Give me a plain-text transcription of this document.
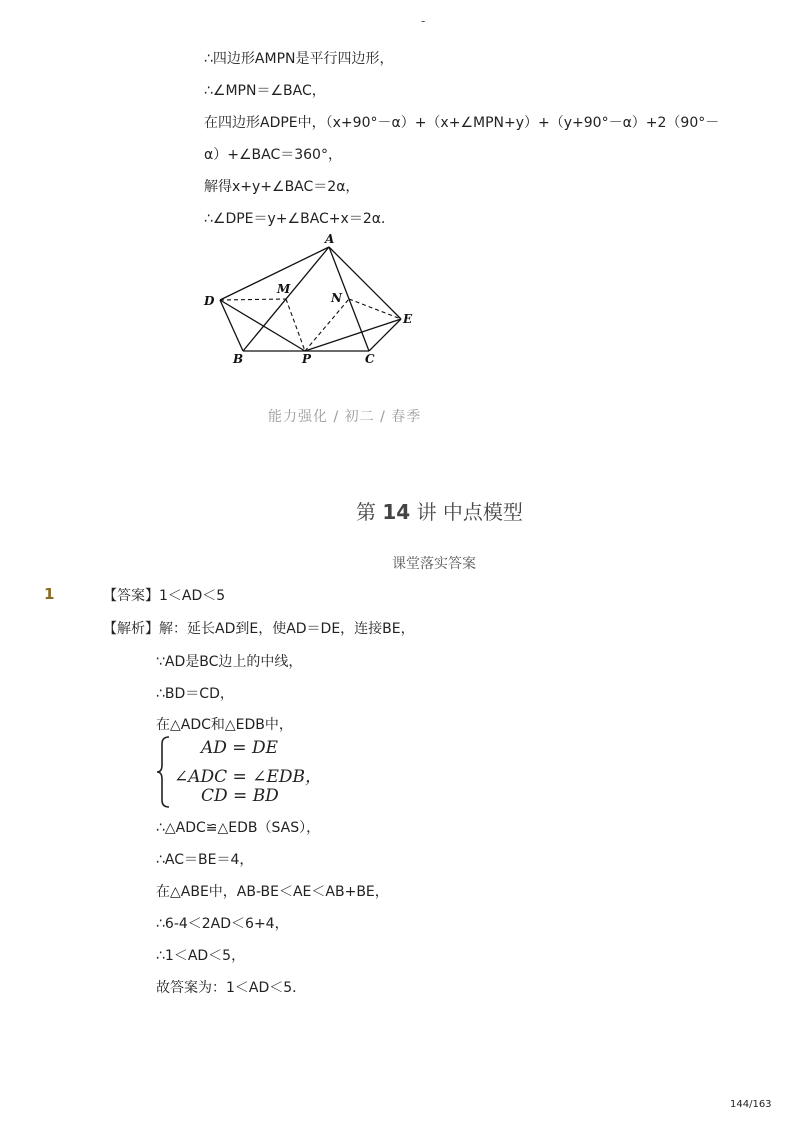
-
∴四边形AMPN是平行四边形，
∴∠MPN＝∠BAC，
在四边形ADPE中，（x+90°－α）+（x+∠MPN+y）+（y+90°－α）+2（90°－
α）+∠BAC＝360°，
解得x+y+∠BAC＝2α，
∴∠DPE＝y+∠BAC+x＝2α．
A
M
N
D
E
B	P	C
能力强化 / 初二 / 春季
第 14 讲 中点模型
课堂落实答案
1	【答案】1＜AD＜5
【解析】解：延长AD到E，使AD＝DE，连接BE，
∵AD是BC边上的中线，
∴BD＝CD，
在△ADC和△EDB中，
AD = DE
∠ADC = ∠EDB，
CD = BD
∴△ADC≌△EDB（SAS），
∴AC＝BE＝4，
在△ABE中，AB-BE＜AE＜AB+BE，
∴6-4＜2AD＜6+4，
∴1＜AD＜5，
故答案为：1＜AD＜5．
144/163
